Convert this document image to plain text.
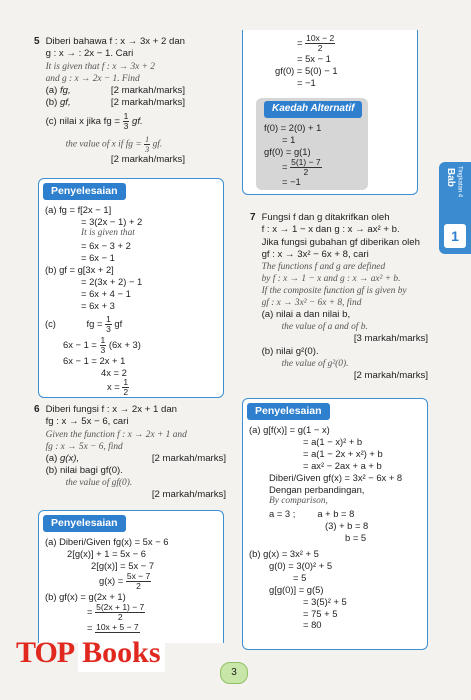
5 Diberi bahawa f : x → 3x + 2 dan
g : x → : 2x − 1. Cari
It is given that f : x → 3x + 2
and g : x → 2x − 1. Find
(a) fg,	[2 markah/marks]
(b) gf,	[2 markah/marks]
(c) nilai x jika fg = $\frac{1}{3}$ gf.
the value of x if fg = $\frac{1}{3}$ gf.
[2 markah/marks]
Penyelesaian
(a) fg = f[2x − 1]
= 3(2x − 1) + 2
It is given that
= 6x − 3 + 2
= 6x − 1
(b) gf = g[3x + 2]
= 2(3x + 2) − 1
= 6x + 4 − 1
= 6x + 3
(c)	fg = $\frac{1}{3}$ gf
$6x - 1 = \frac{1}{3} (6x + 3)$
6x − 1 = 2x + 1
4x = 2
$x = \frac{1}{2}$
6 Diberi fungsi f : x → 2x + 1 dan
fg : x → 5x − 6, cari
Given the function f : x → 2x + 1 and
fg : x → 5x − 6, find
(a) g(x),	[2 markah/marks]
(b) nilai bagi gf(0).
the value of gf(0).
[2 markah/marks]
Penyelesaian
(a) Diberi/Given fg(x) = 5x − 6
2[g(x)] + 1 = 5x − 6
2[g(x)] = 5x − 7
$g(x) = \frac{5x - 7}{2}$
(b) gf(x) = g(2x + 1)
= $\frac{5(2x + 1) - 7}{2}$
= 10x + 5 − 7
= $\frac{10x - 2}{2}$
= 5x − 1
gf(0) = 5(0) − 1
= −1
Kaedah Alternatif
f(0) = 2(0) + 1
= 1
gf(0) = g(1)
= $\frac{5(1) - 7}{2}$
= −1
7 Fungsi f dan g ditakrifkan oleh
f : x → 1 − x dan g : x → ax² + b.
Jika fungsi gubahan gf diberikan oleh
gf : x → 3x² − 6x + 8, cari
The functions f and g are defined
by f : x → 1 − x and g : x → ax² + b.
If the composite function gf is given by
gf : x → 3x² − 6x + 8, find
(a) nilai a dan nilai b,
the value of a and of b.
[3 markah/marks]
(b) nilai g²(0).
the value of g²(0).
[2 markah/marks]
Penyelesaian
(a) g[f(x)] = g(1 − x)
= a(1 − x)² + b
= a(1 − 2x + x²) + b
= ax² − 2ax + a + b
Diberi/Given gf(x) = 3x² − 6x + 8
Dengan perbandingan,
By comparison,
a = 3 ; a + b = 8
(3) + b = 8
b = 5
(b) g(x) = 3x² + 5
g(0) = 3(0)² + 5
= 5
g[g(0)] = g(5)
= 3(5)² + 5
= 75 + 5
= 80
Bab Tingkatan 4
1
3
TOP Books
